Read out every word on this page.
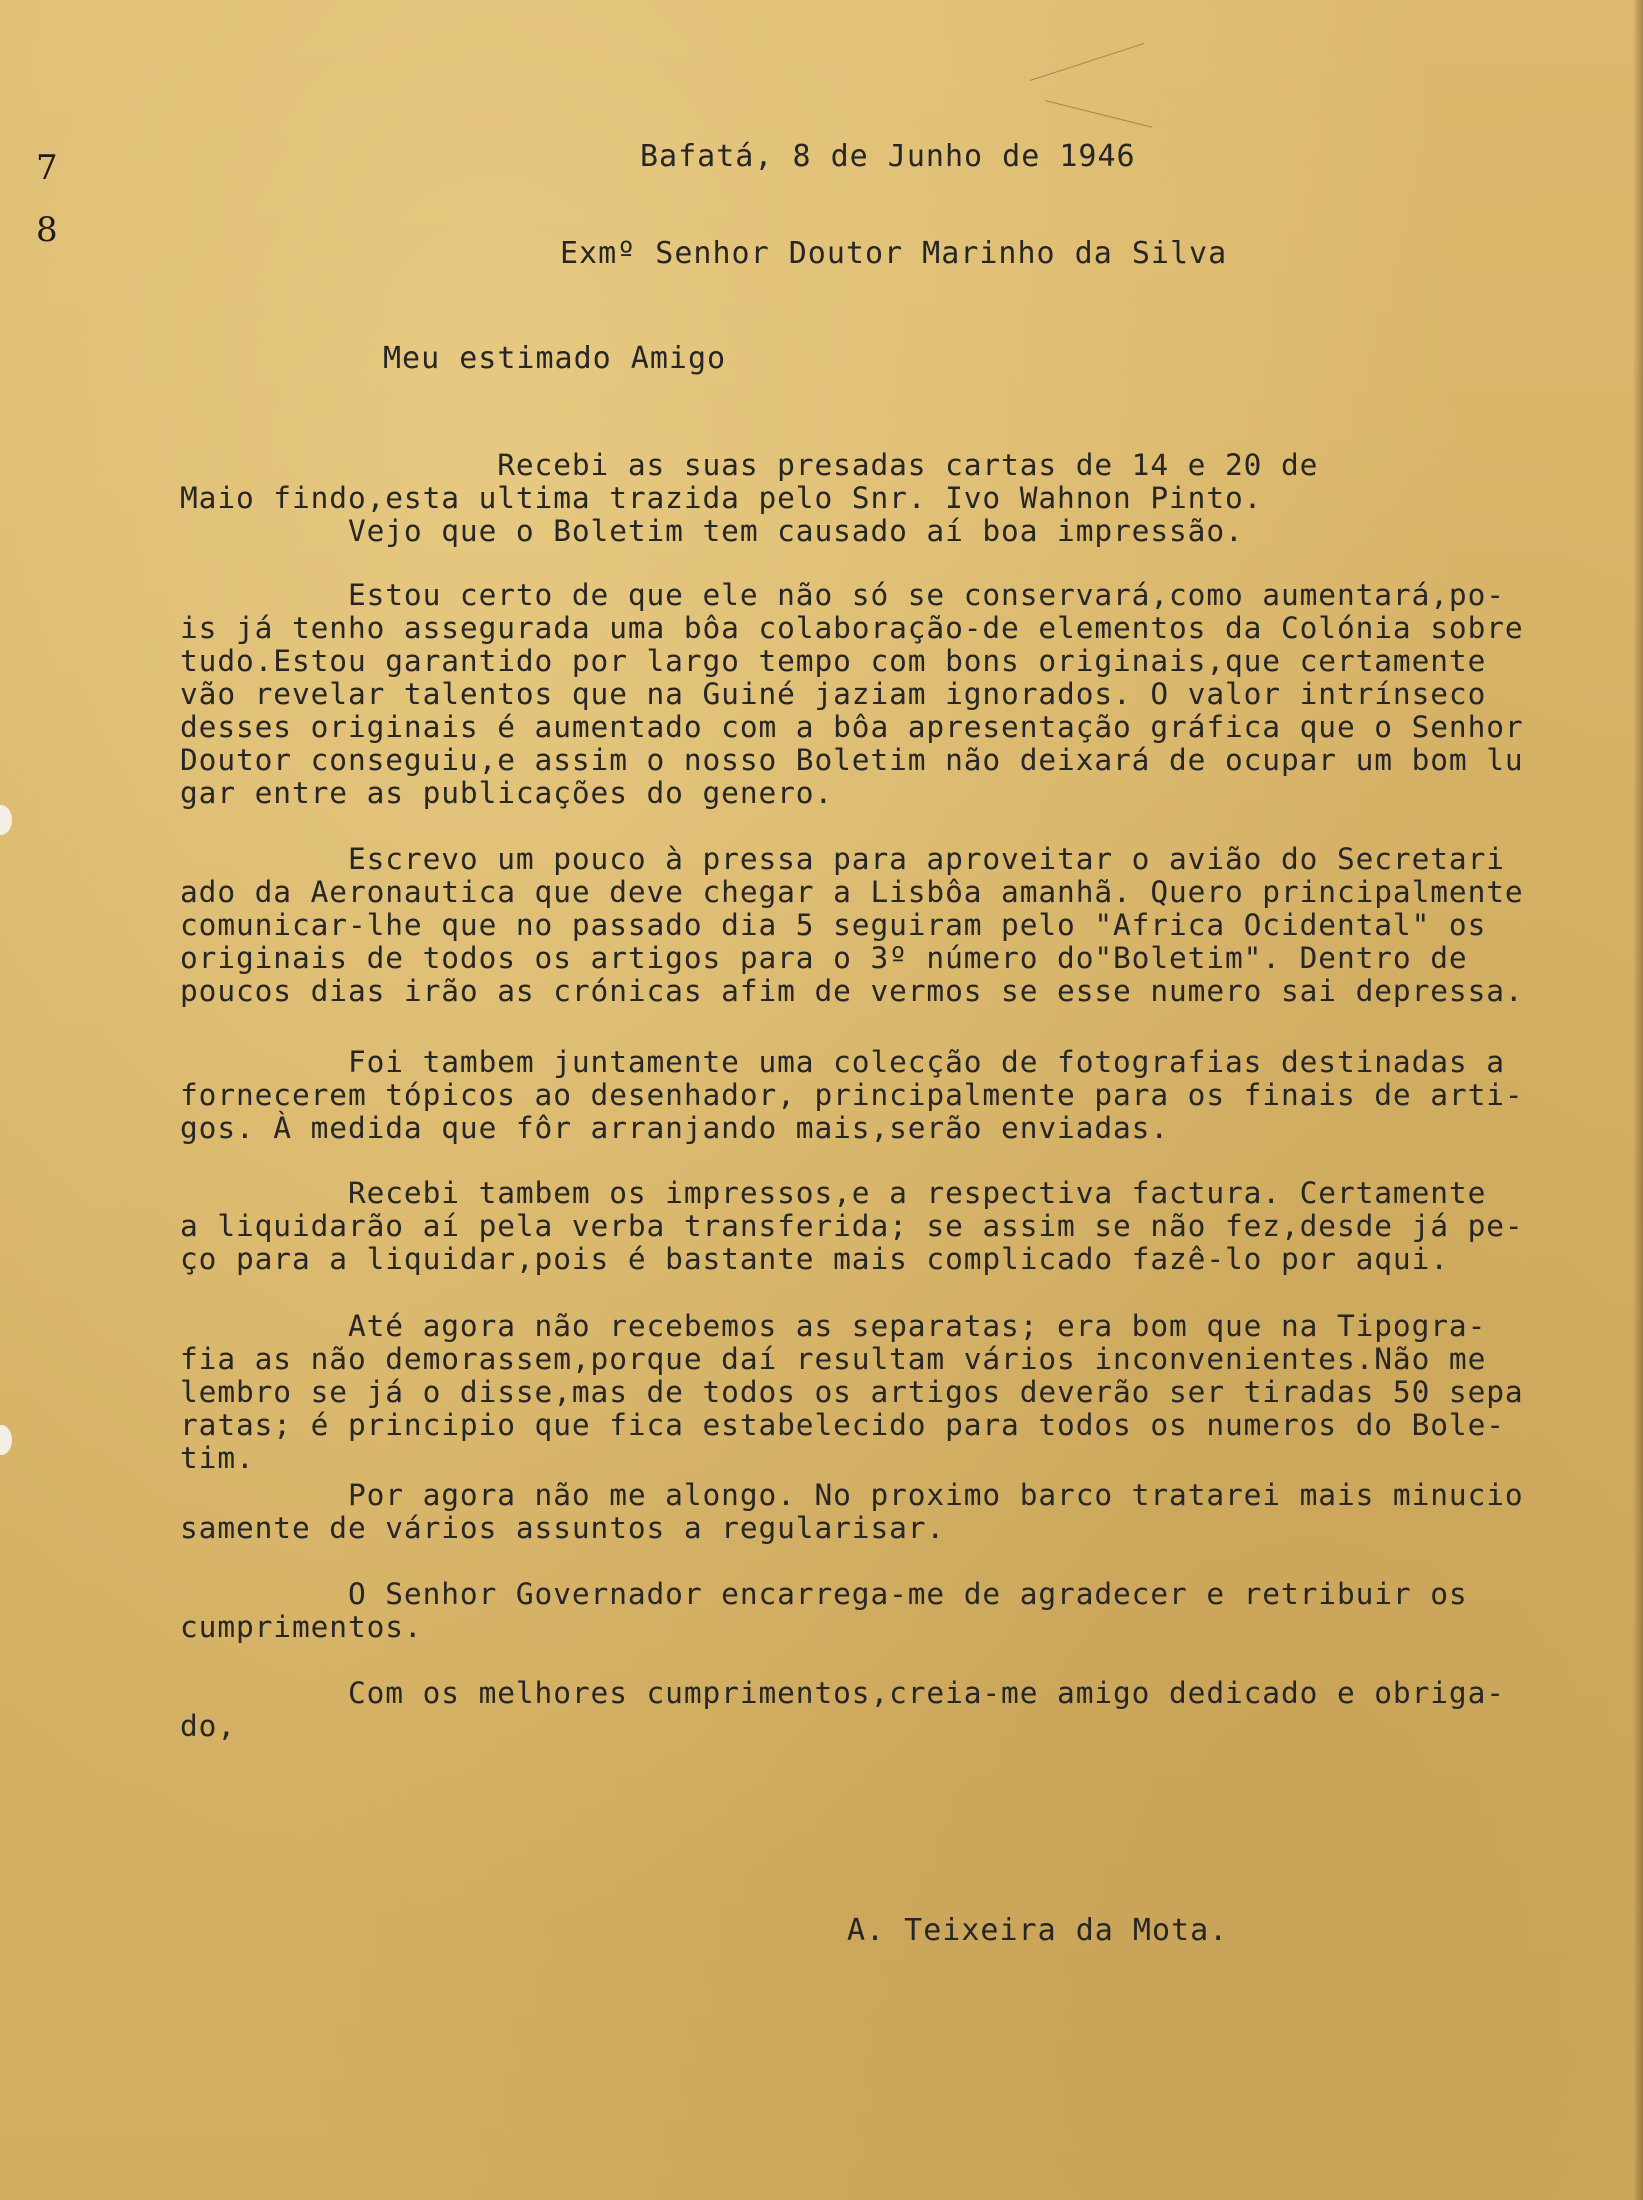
7
8

Bafatá, 8 de Junho de 1946

Exmº Senhor Doutor Marinho da Silva

Meu estimado Amigo

Recebi as suas presadas cartas de 14 e 20 de
Maio findo,esta ultima trazida pelo Snr. Ivo Wahnon Pinto.
Vejo que o Boletim tem causado aí boa impressão.

Estou certo de que ele não só se conservará,como aumentará,po-
is já tenho assegurada uma bôa colaboração-de elementos da Colónia sobre
tudo.Estou garantido por largo tempo com bons originais,que certamente
vão revelar talentos que na Guiné jaziam ignorados. O valor intrínseco
desses originais é aumentado com a bôa apresentação gráfica que o Senhor
Doutor conseguiu,e assim o nosso Boletim não deixará de ocupar um bom lu
gar entre as publicações do genero.

Escrevo um pouco à pressa para aproveitar o avião do Secretari
ado da Aeronautica que deve chegar a Lisbôa amanhã. Quero principalmente
comunicar-lhe que no passado dia 5 seguiram pelo "Africa Ocidental" os
originais de todos os artigos para o 3º número do"Boletim". Dentro de
poucos dias irão as crónicas afim de vermos se esse numero sai depressa.

Foi tambem juntamente uma colecção de fotografias destinadas a
fornecerem tópicos ao desenhador, principalmente para os finais de arti-
gos. À medida que fôr arranjando mais,serão enviadas.

Recebi tambem os impressos,e a respectiva factura. Certamente
a liquidarão aí pela verba transferida; se assim se não fez,desde já pe-
ço para a liquidar,pois é bastante mais complicado fazê-lo por aqui.

Até agora não recebemos as separatas; era bom que na Tipogra-
fia as não demorassem,porque daí resultam vários inconvenientes.Não me
lembro se já o disse,mas de todos os artigos deverão ser tiradas 50 sepa
ratas; é principio que fica estabelecido para todos os numeros do Bole-
tim.

Por agora não me alongo. No proximo barco tratarei mais minucio
samente de vários assuntos a regularisar.

O Senhor Governador encarrega-me de agradecer e retribuir os
cumprimentos.

Com os melhores cumprimentos,creia-me amigo dedicado e obriga-
do,

A. Teixeira da Mota.
